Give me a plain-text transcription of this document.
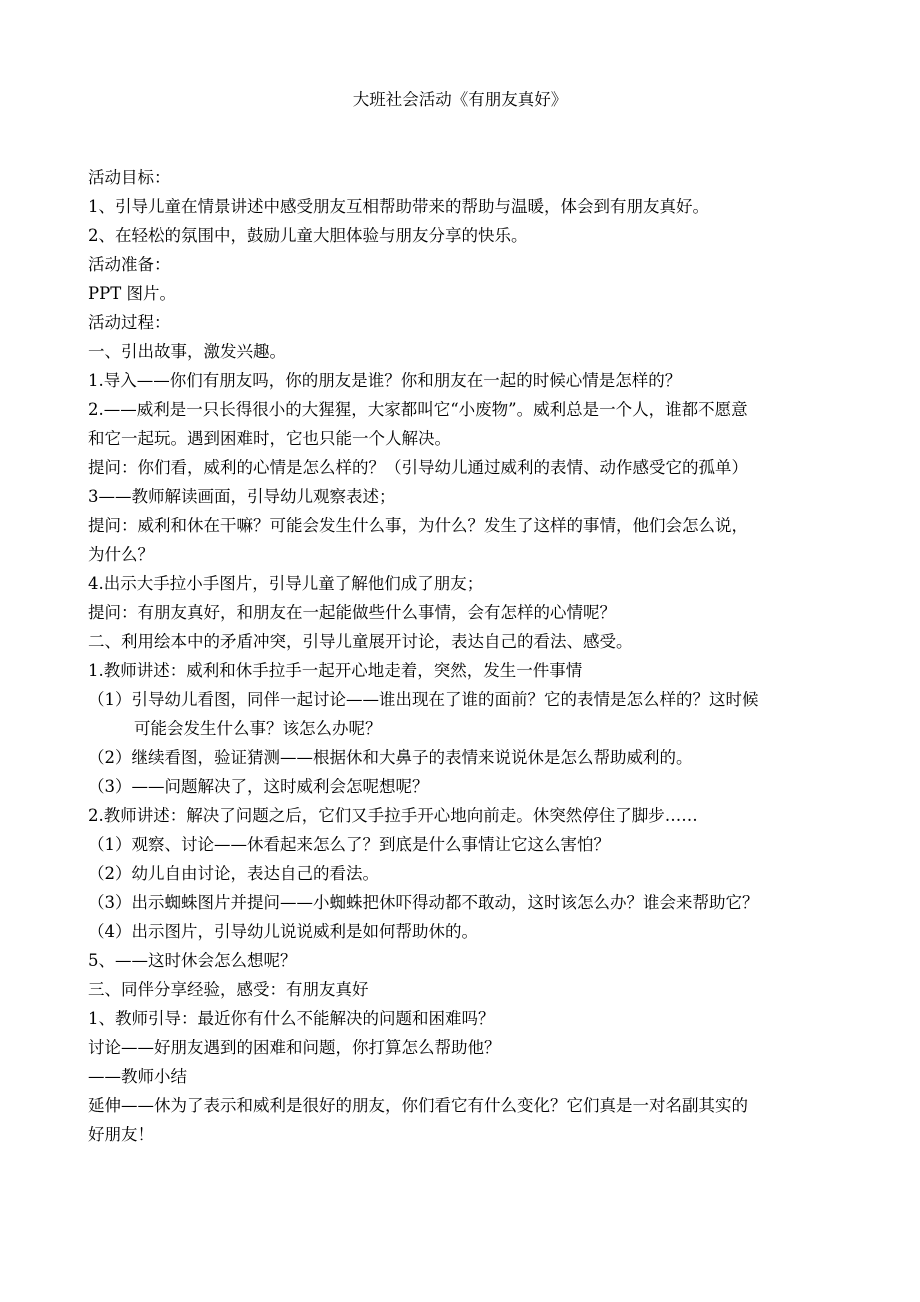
大班社会活动《有朋友真好》
活动目标：
1、引导儿童在情景讲述中感受朋友互相帮助带来的帮助与温暖，体会到有朋友真好。
2、在轻松的氛围中，鼓励儿童大胆体验与朋友分享的快乐。
活动准备：
PPT 图片。
活动过程：
一、引出故事，激发兴趣。
1.导入——你们有朋友吗，你的朋友是谁？你和朋友在一起的时候心情是怎样的？
2.——威利是一只长得很小的大猩猩，大家都叫它“小废物”。威利总是一个人，谁都不愿意
和它一起玩。遇到困难时，它也只能一个人解决。
提问：你们看，威利的心情是怎么样的？（引导幼儿通过威利的表情、动作感受它的孤单）
3——教师解读画面，引导幼儿观察表述；
提问：威利和休在干嘛？可能会发生什么事，为什么？发生了这样的事情，他们会怎么说，
为什么？
4.出示大手拉小手图片，引导儿童了解他们成了朋友；
提问：有朋友真好，和朋友在一起能做些什么事情，会有怎样的心情呢？
二、利用绘本中的矛盾冲突，引导儿童展开讨论，表达自己的看法、感受。
1.教师讲述：威利和休手拉手一起开心地走着，突然，发生一件事情
（1）引导幼儿看图，同伴一起讨论——谁出现在了谁的面前？它的表情是怎么样的？这时候
可能会发生什么事？该怎么办呢？
（2）继续看图，验证猜测——根据休和大鼻子的表情来说说休是怎么帮助威利的。
（3）——问题解决了，这时威利会怎呢想呢？
2.教师讲述：解决了问题之后，它们又手拉手开心地向前走。休突然停住了脚步……
（1）观察、讨论——休看起来怎么了？到底是什么事情让它这么害怕？
（2）幼儿自由讨论，表达自己的看法。
（3）出示蜘蛛图片并提问——小蜘蛛把休吓得动都不敢动，这时该怎么办？谁会来帮助它？
（4）出示图片，引导幼儿说说威利是如何帮助休的。
5、——这时休会怎么想呢？
三、同伴分享经验，感受：有朋友真好
1、教师引导：最近你有什么不能解决的问题和困难吗？
讨论——好朋友遇到的困难和问题，你打算怎么帮助他？
——教师小结
延伸——休为了表示和威利是很好的朋友，你们看它有什么变化？它们真是一对名副其实的
好朋友！
